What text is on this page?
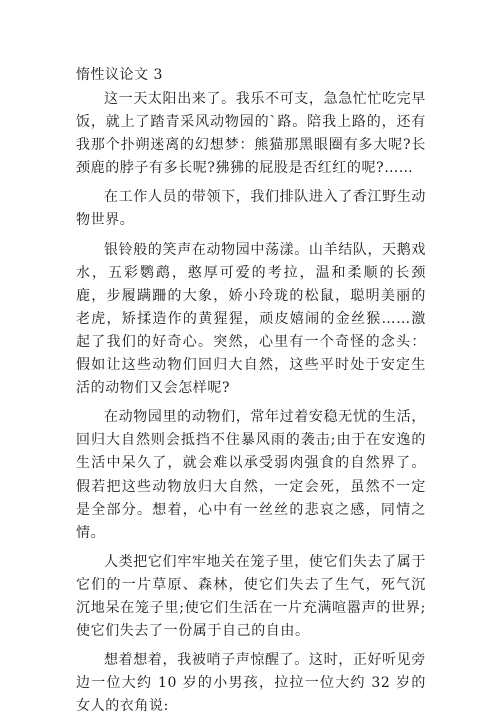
惰性议论文 3

这一天太阳出来了。我乐不可支，急急忙忙吃完早饭，就上了踏青采风动物园的`路。陪我上路的，还有我那个扑朔迷离的幻想梦：熊猫那黑眼圈有多大呢?长颈鹿的脖子有多长呢?狒狒的屁股是否红红的呢?……

在工作人员的带领下，我们排队进入了香江野生动物世界。

银铃般的笑声在动物园中荡漾。山羊结队，天鹅戏水，五彩鹦鹉，憨厚可爱的考拉，温和柔顺的长颈鹿，步履蹒跚的大象，娇小玲珑的松鼠，聪明美丽的老虎，矫揉造作的黄猩猩，顽皮嬉闹的金丝猴……激起了我们的好奇心。突然，心里有一个奇怪的念头：假如让这些动物们回归大自然，这些平时处于安定生活的动物们又会怎样呢?

在动物园里的动物们，常年过着安稳无忧的生活，回归大自然则会抵挡不住暴风雨的袭击;由于在安逸的生活中呆久了，就会难以承受弱肉强食的自然界了。假若把这些动物放归大自然，一定会死，虽然不一定是全部分。想着，心中有一丝丝的悲哀之感，同情之情。

人类把它们牢牢地关在笼子里，使它们失去了属于它们的一片草原、森林，使它们失去了生气，死气沉沉地呆在笼子里;使它们生活在一片充满喧嚣声的世界;使它们失去了一份属于自己的自由。

想着想着，我被哨子声惊醒了。这时，正好听见旁边一位大约 10 岁的小男孩，拉拉一位大约 32 岁的女人的衣角说:
